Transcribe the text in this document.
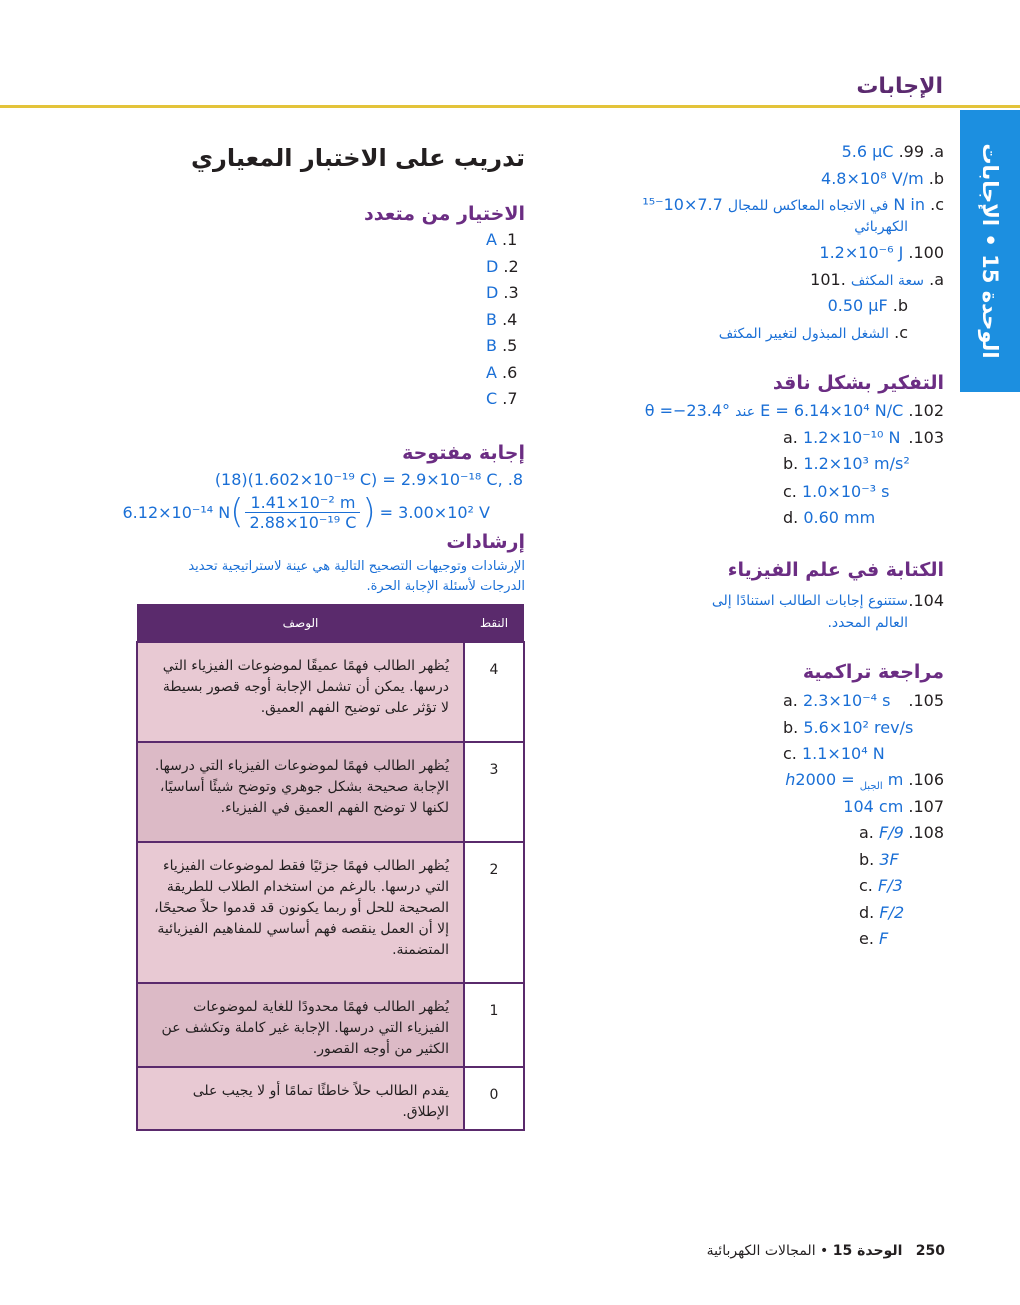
الإجابات
الوحدة 15 • الإجابات
تدريب على الاختبار المعياري
الاختيار من متعدد
A .1
D .2
D .3
B .4
B .5
A .6
C .7
إجابة مفتوحة
(18)(1.602×10⁻¹⁹ C) = 2.9×10⁻¹⁸ C, .8
6.12×10⁻¹⁴ N ( $\frac{\text{1.41×10⁻² m}}{\text{2.88×10⁻¹⁹ C}}$ ) = 3.00×10² V
إرشادات
الإرشادات وتوجيهات التصحيح التالية هي عينة لاستراتيجية تحديد الدرجات لأسئلة الإجابة الحرة.
النقط	الوصف
4	يُظهر الطالب فهمًا عميقًا لموضوعات الفيزياء التي درسها. يمكن أن تشمل الإجابة أوجه قصور بسيطة لا تؤثر على توضيح الفهم العميق.
3	يُظهر الطالب فهمًا لموضوعات الفيزياء التي درسها. الإجابة صحيحة بشكل جوهري وتوضح شيئًا أساسيًا، لكنها لا توضح الفهم العميق في الفيزياء.
2	يُظهر الطالب فهمًا جزئيًا فقط لموضوعات الفيزياء التي درسها. بالرغم من استخدام الطلاب للطريقة الصحيحة للحل أو ربما يكونون قد قدموا حلاً صحيحًا، إلا أن العمل ينقصه فهم أساسي للمفاهيم الفيزيائية المتضمنة.
1	يُظهر الطالب فهمًا محدودًا للغاية لموضوعات الفيزياء التي درسها. الإجابة غير كاملة وتكشف عن الكثير من أوجه القصور.
0	يقدم الطالب حلاً خاطئًا تمامًا أو لا يجيب على الإطلاق.
5.6 μC .99 .a
4.8×10⁸ V/m .b
في الاتجاه المعاكس للمجال 7.7×10⁻¹⁵ N in .c
الكهربائي
1.2×10⁻⁶ J .100
سعة المكثف .101 .a
0.50 μF .b
الشغل المبذول لتغيير المكثف .c
التفكير بشكل ناقد
θ =−23.4° عند E = 6.14×10⁴ N/C .102
.103
a. 1.2×10⁻¹⁰ N
b. 1.2×10³ m/s²
c. 1.0×10⁻³ s
d. 0.60 mm
الكتابة في علم الفيزياء
.104
ستتنوع إجابات الطالب استنادًا إلى العالم المحدد.
مراجعة تراكمية
.105
a. 2.3×10⁻⁴ s
b. 5.6×10² rev/s
c. 1.1×10⁴ N
h	$_{الجبل}$ = 2000 m .106
104 cm .107
.108
a. F/9
b. 3F
c. F/3
d. F/2
e. F
250   الوحدة 15 • المجالات الكهربائية
